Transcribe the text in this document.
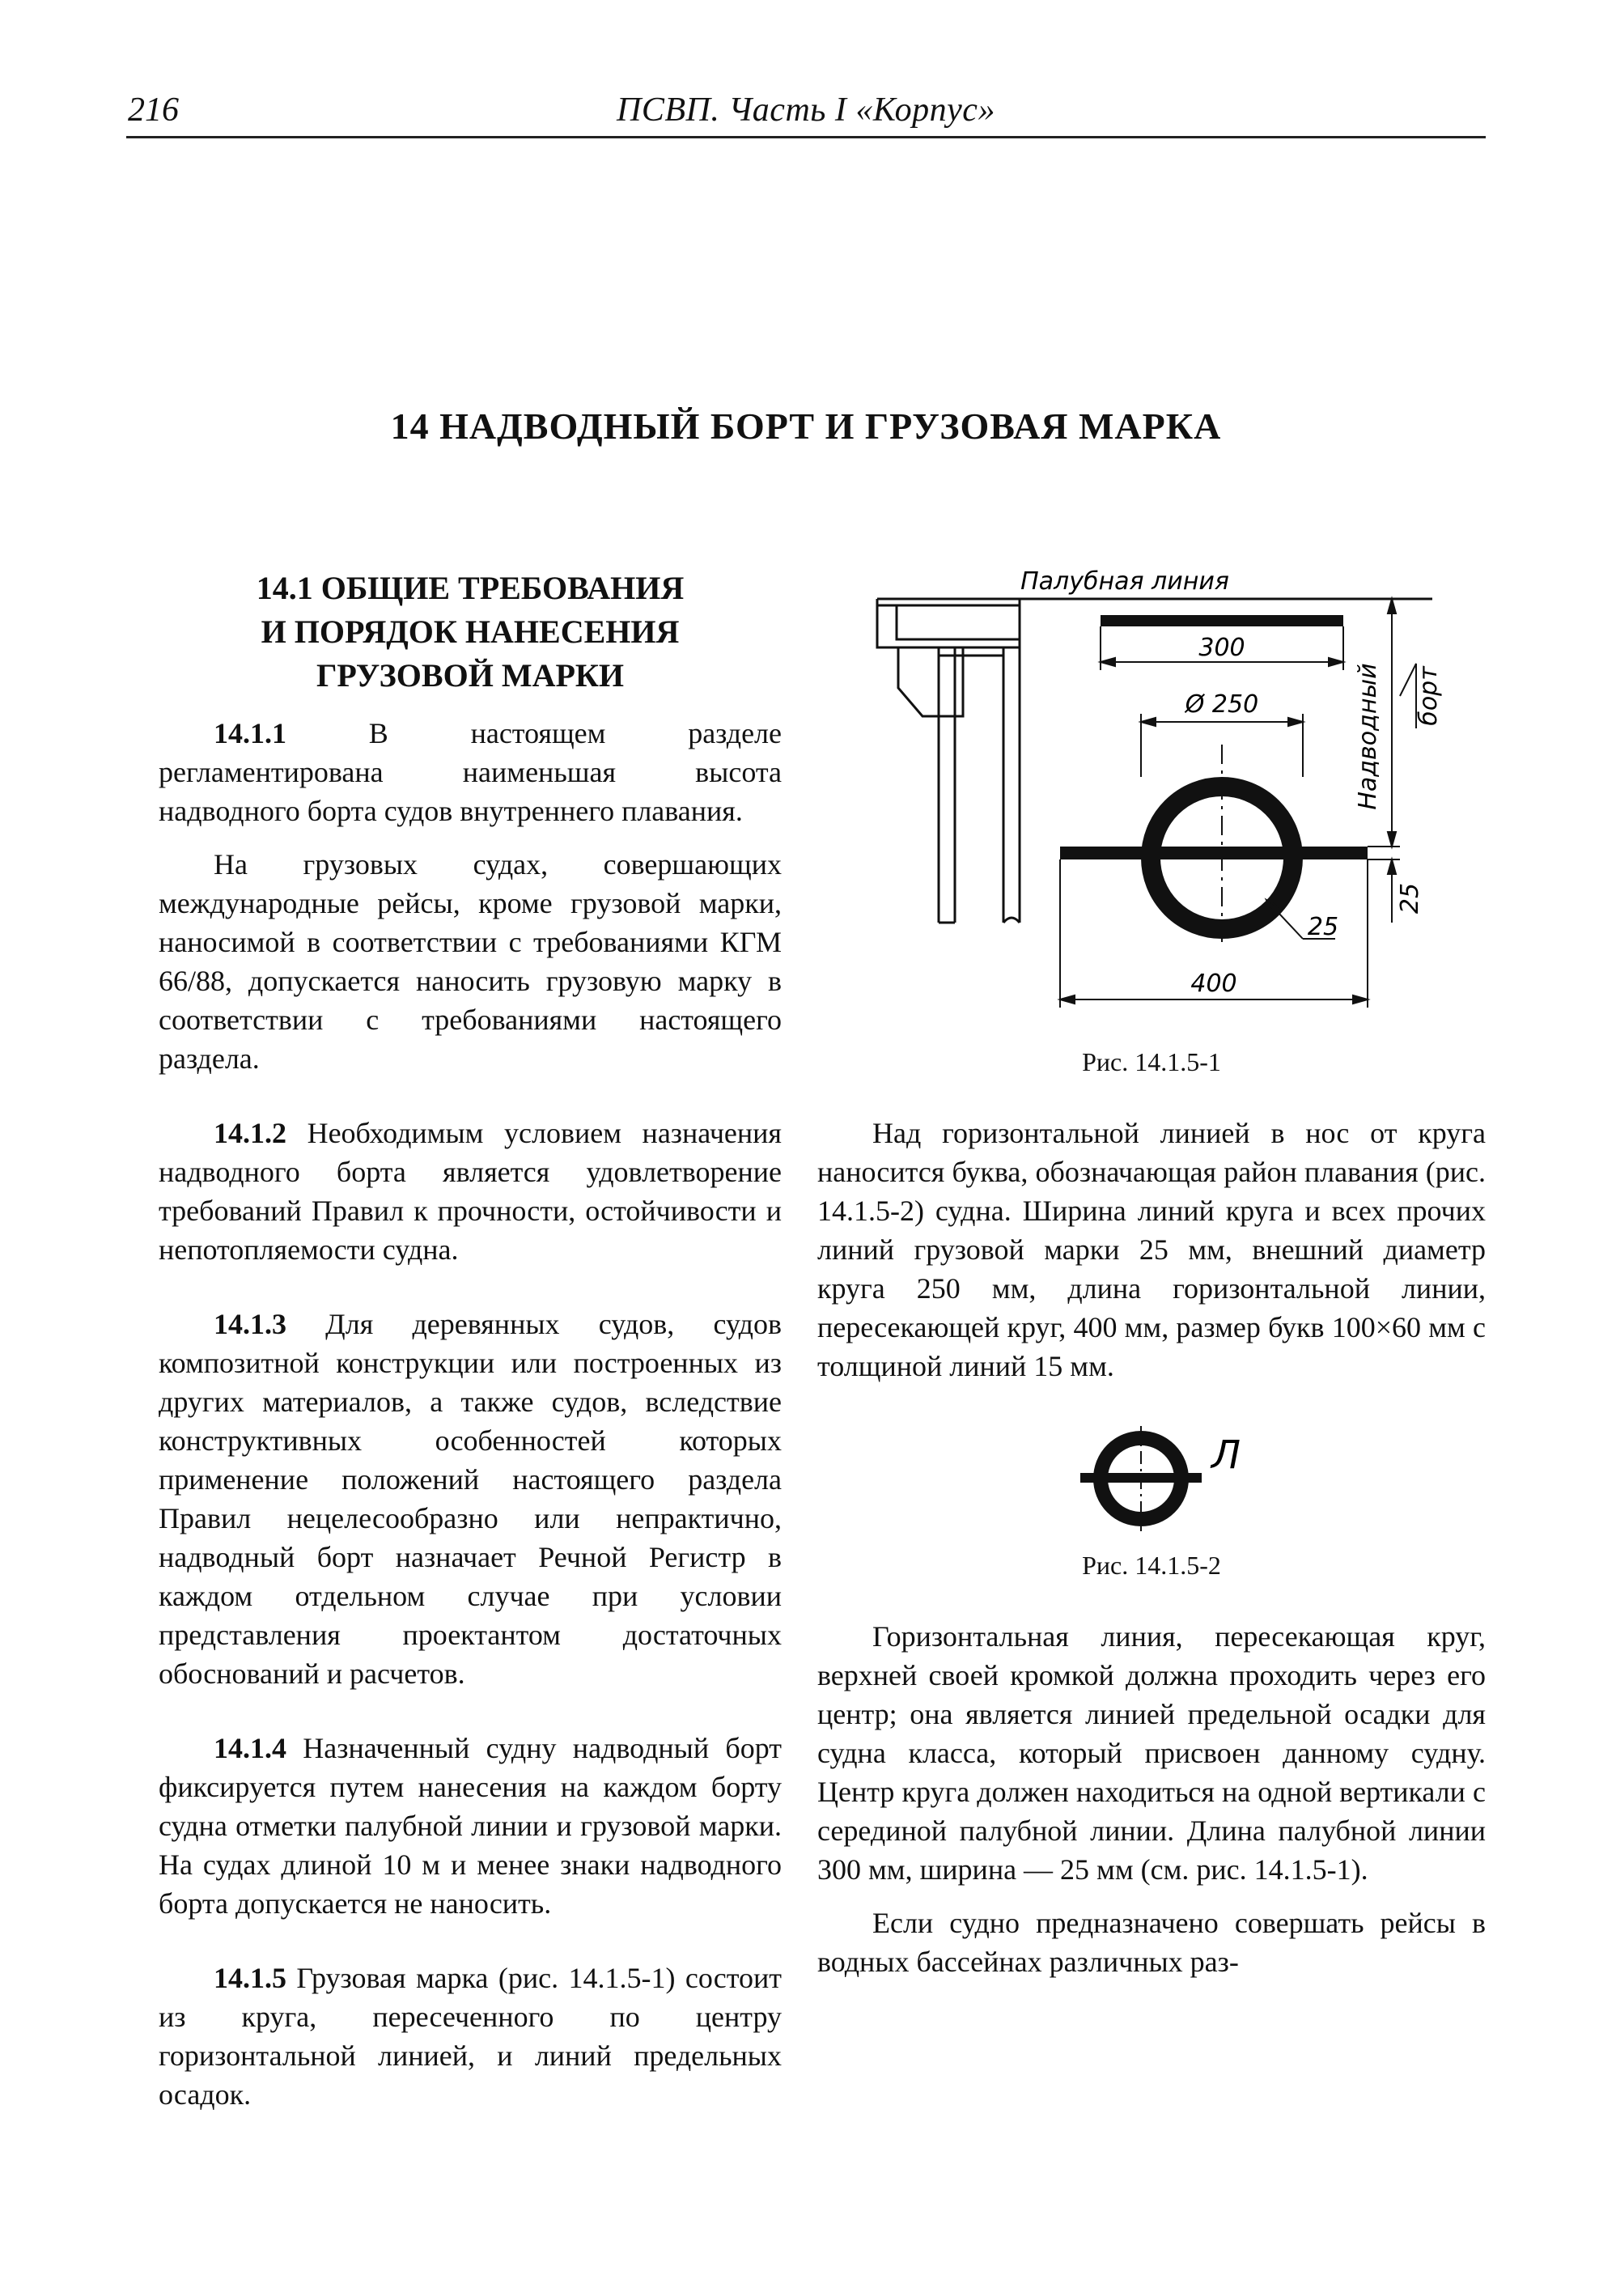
216	ПСВП. Часть I «Корпус»
14 НАДВОДНЫЙ БОРТ И ГРУЗОВАЯ МАРКА
14.1 ОБЩИЕ ТРЕБОВАНИЯ
И ПОРЯДОК НАНЕСЕНИЯ
ГРУЗОВОЙ МАРКИ

14.1.1 В настоящем разделе регламентирована наименьшая высота надводного борта судов внутреннего плавания.

На грузовых судах, совершающих международные рейсы, кроме грузовой марки, наносимой в соответствии с требованиями КГМ 66/88, допускается наносить грузовую марку в соответствии с требованиями настоящего раздела.

14.1.2 Необходимым условием назначения надводного борта является удовлетворение требований Правил к прочности, остойчивости и непотопляемости судна.

14.1.3 Для деревянных судов, судов композитной конструкции или построенных из других материалов, а также судов, вследствие конструктивных особенностей которых применение положений настоящего раздела Правил нецелесообразно или непрактично, надводный борт назначает Речной Регистр в каждом отдельном случае при условии представления проектантом достаточных обоснований и расчетов.

14.1.4 Назначенный судну надводный борт фиксируется путем нанесения на каждом борту судна отметки палубной линии и грузовой марки. На судах длиной 10 м и менее знаки надводного борта допускается не наносить.

14.1.5 Грузовая марка (рис. 14.1.5-1) состоит из круга, пересеченного по центру горизонтальной линией, и линий предельных осадок.

Палубная линия
300
Ø 250
25
400
Надводный борт
25
Рис. 14.1.5-1

Над горизонтальной линией в нос от круга наносится буква, обозначающая район плавания (рис. 14.1.5-2) судна. Ширина линий круга и всех прочих линий грузовой марки 25 мм, внешний диаметр круга 250 мм, длина горизонтальной линии, пересекающей круг, 400 мм, размер букв 100×60 мм с толщиной линий 15 мм.

Л
Рис. 14.1.5-2

Горизонтальная линия, пересекающая круг, верхней своей кромкой должна проходить через его центр; она является линией предельной осадки для судна класса, который присвоен данному судну. Центр круга должен находиться на одной вертикали с серединой палубной линии. Длина палубной линии 300 мм, ширина — 25 мм (см. рис. 14.1.5-1).

Если судно предназначено совершать рейсы в водных бассейнах различных раз-
